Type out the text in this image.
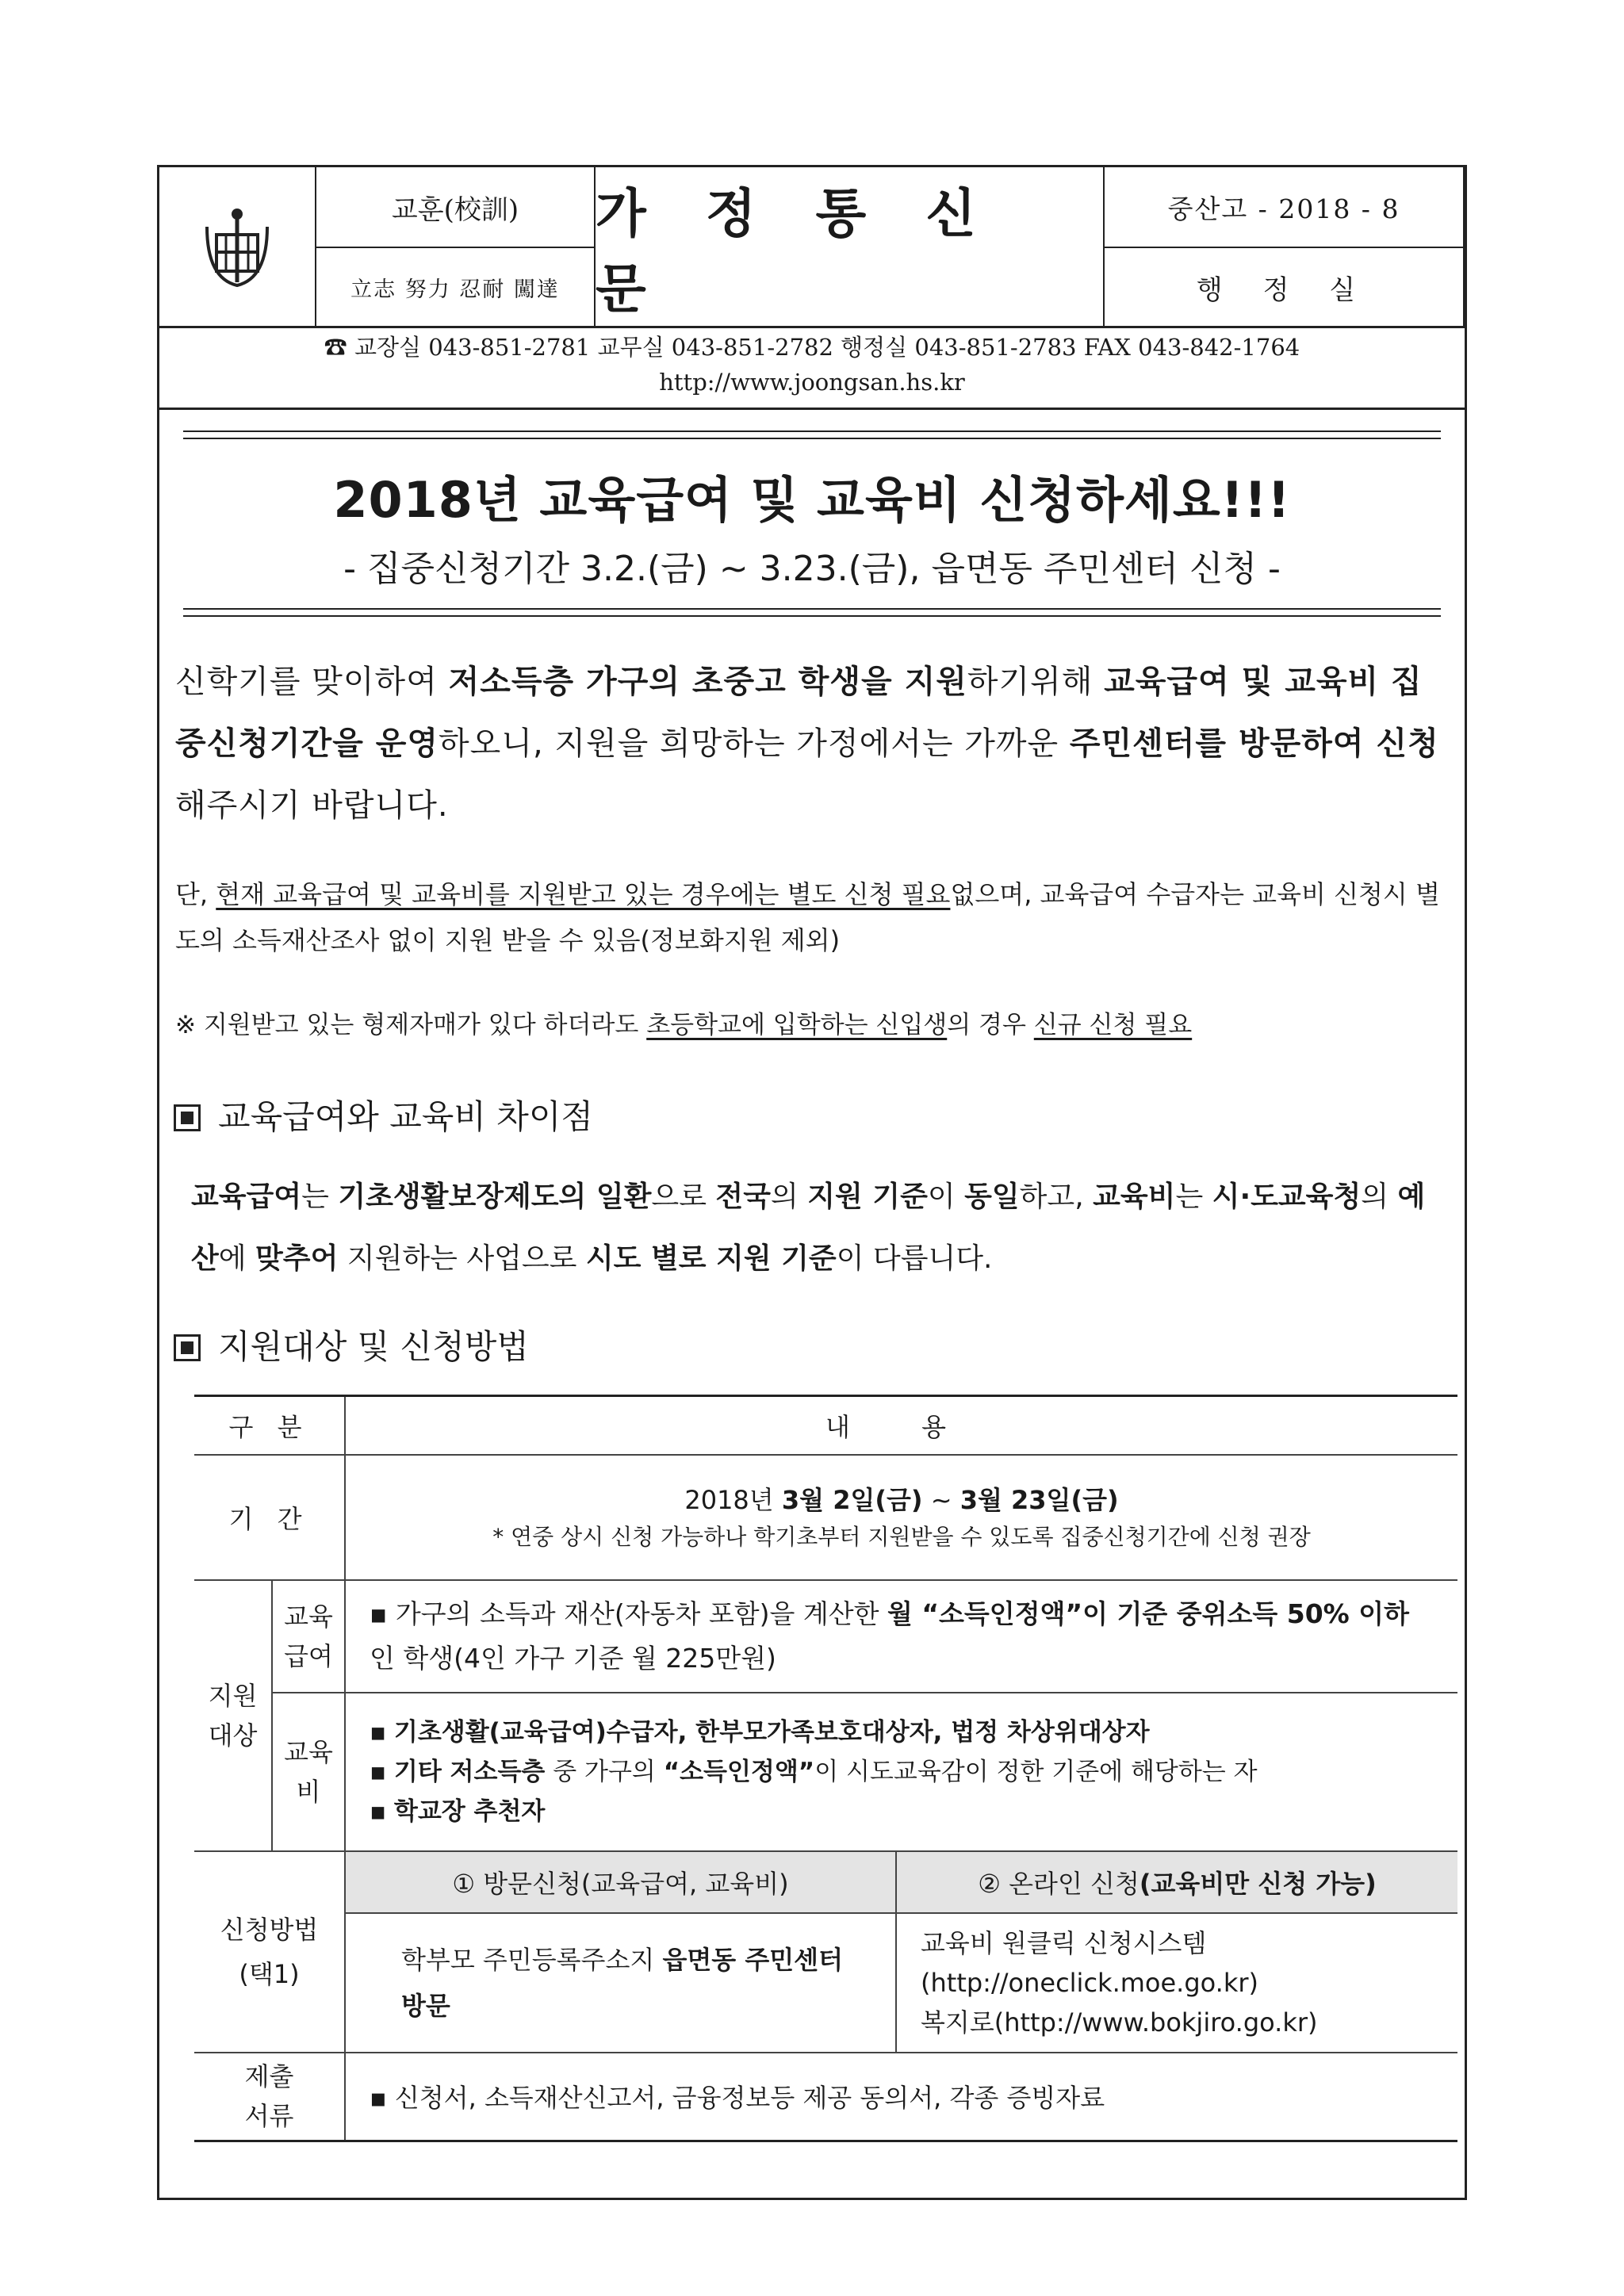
교훈(校訓)
立志 努力 忍耐 闖達
가 정 통 신 문
중산고 - 2018 - 8
행 정 실
☎ 교장실 043-851-2781 교무실 043-851-2782 행정실 043-851-2783 FAX 043-842-1764
http://www.joongsan.hs.kr
2018년 교육급여 및 교육비 신청하세요!!!
- 집중신청기간 3.2.(금) ~ 3.23.(금), 읍면동 주민센터 신청 -
신학기를 맞이하여 저소득층 가구의 초중고 학생을 지원하기위해 교육급여 및 교육비 집중신청기간을 운영하오니, 지원을 희망하는 가정에서는 가까운 주민센터를 방문하여 신청해주시기 바랍니다.
단, 현재 교육급여 및 교육비를 지원받고 있는 경우에는 별도 신청 필요없으며, 교육급여 수급자는 교육비 신청시 별도의 소득재산조사 없이 지원 받을 수 있음(정보화지원 제외)
※ 지원받고 있는 형제자매가 있다 하더라도 초등학교에 입학하는 신입생의 경우 신규 신청 필요
교육급여와 교육비 차이점
교육급여는 기초생활보장제도의 일환으로 전국의 지원 기준이 동일하고, 교육비는 시·도교육청의 예산에 맞추어 지원하는 사업으로 시도 별로 지원 기준이 다릅니다.
지원대상 및 신청방법
구 분		내 용	
기 간		2018년 3월 2일(금) ~ 3월 23일(금)
* 연중 상시 신청 가능하나 학기초부터 지원받을 수 있도록 집중신청기간에 신청 권장	

지원 대상	교육 급여	▪ 가구의 소득과 재산(자동차 포함)을 계산한 월 “소득인정액”이 기준 중위소득 50% 이하인 학생(4인 가구 기준 월 225만원)	
	교육 비	▪ 기초생활(교육급여)수급자, 한부모가족보호대상자, 법정 차상위대상자
▪ 기타 저소득층 중 가구의 “소득인정액”이 시도교육감이 정한 기준에 해당하는 자
▪ 학교장 추천자	

신청방법 (택1)		① 방문신청(교육급여, 교육비)	② 온라인 신청(교육비만 신청 가능)
		학부모 주민등록주소지 읍면동 주민센터 방문	교육비 원클릭 신청시스템
(http://oneclick.moe.go.kr)
복지로(http://www.bokjiro.go.kr)

제출 서류		▪ 신청서, 소득재산신고서, 금융정보등 제공 동의서, 각종 증빙자료	
